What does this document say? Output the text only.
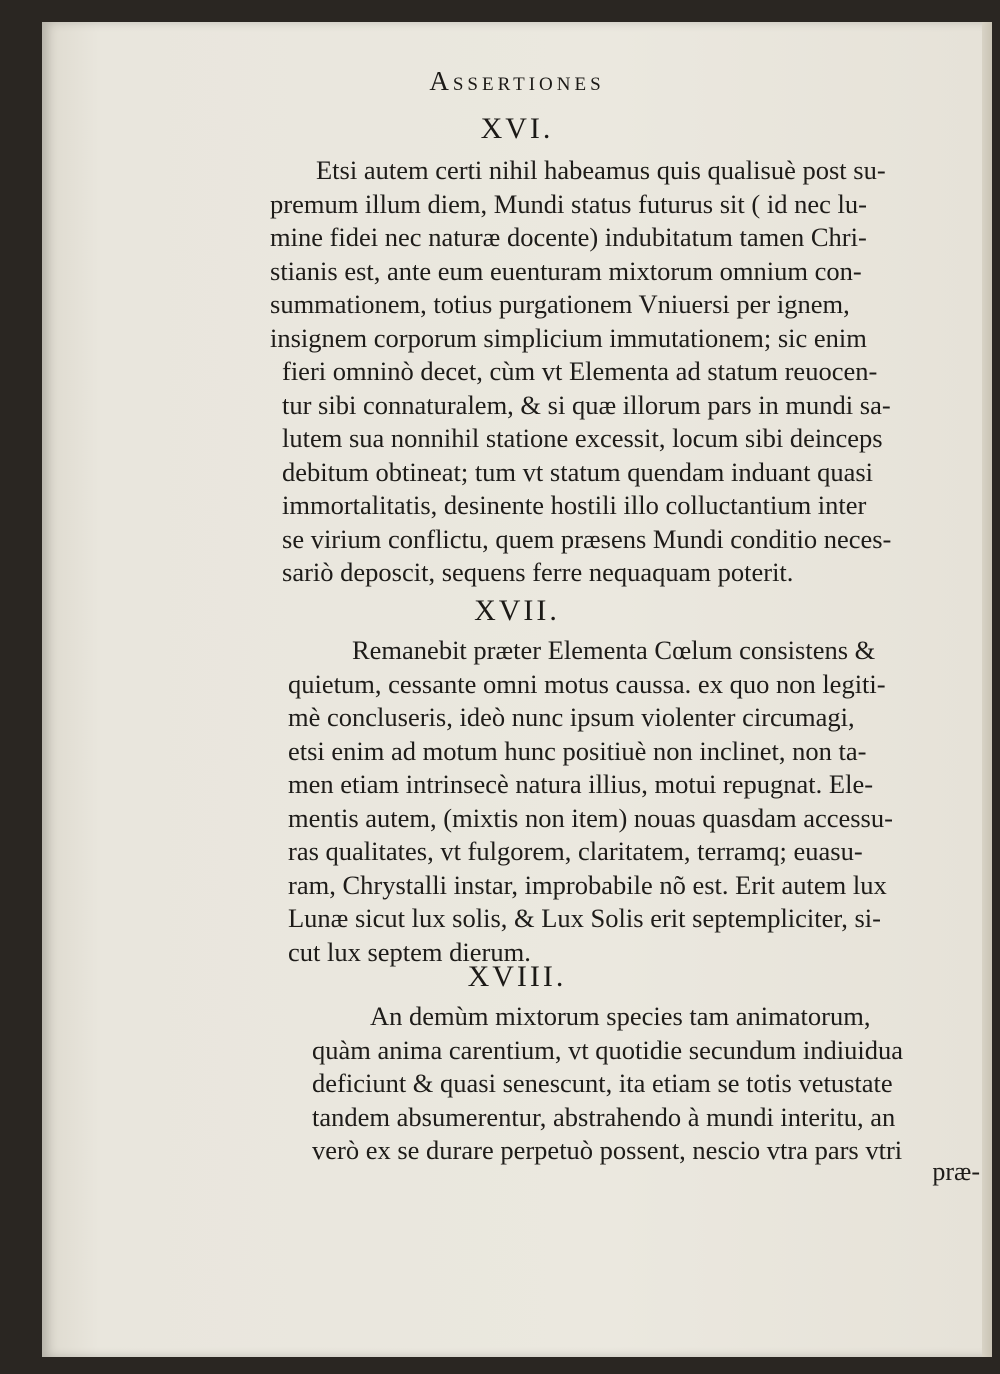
Assertiones
XVI.
Etsi autem certi nihil habeamus quis qualisuè post su-
premum illum diem, Mundi status futurus sit ( id nec lu-
mine fidei nec naturæ docente) indubitatum tamen Chri-
stianis est, ante eum euenturam mixtorum omnium con-
summationem, totius purgationem Vniuersi per ignem,
insignem corporum simplicium immutationem; sic enim
fieri omninò decet, cùm vt Elementa ad statum reuocen-
tur sibi connaturalem, & si quæ illorum pars in mundi sa-
lutem sua nonnihil statione excessit, locum sibi deinceps
debitum obtineat; tum vt statum quendam induant quasi
immortalitatis, desinente hostili illo colluctantium inter
se virium conflictu, quem præsens Mundi conditio neces-
sariò deposcit, sequens ferre nequaquam poterit.
XVII.
Remanebit præter Elementa Cœlum consistens &
quietum, cessante omni motus caussa. ex quo non legiti-
mè concluseris, ideò nunc ipsum violenter circumagi,
etsi enim ad motum hunc positiuè non inclinet, non ta-
men etiam intrinsecè natura illius, motui repugnat. Ele-
mentis autem, (mixtis non item) nouas quasdam accessu-
ras qualitates, vt fulgorem, claritatem, terramq; euasu-
ram, Chrystalli instar, improbabile nõ est. Erit autem lux
Lunæ sicut lux solis, & Lux Solis erit septempliciter, si-
cut lux septem dierum.
XVIII.
An demùm mixtorum species tam animatorum,
quàm anima carentium, vt quotidie secundum indiuidua
deficiunt & quasi senescunt, ita etiam se totis vetustate
tandem absumerentur, abstrahendo à mundi interitu, an
verò ex se durare perpetuò possent, nescio vtra pars vtri
præ-
